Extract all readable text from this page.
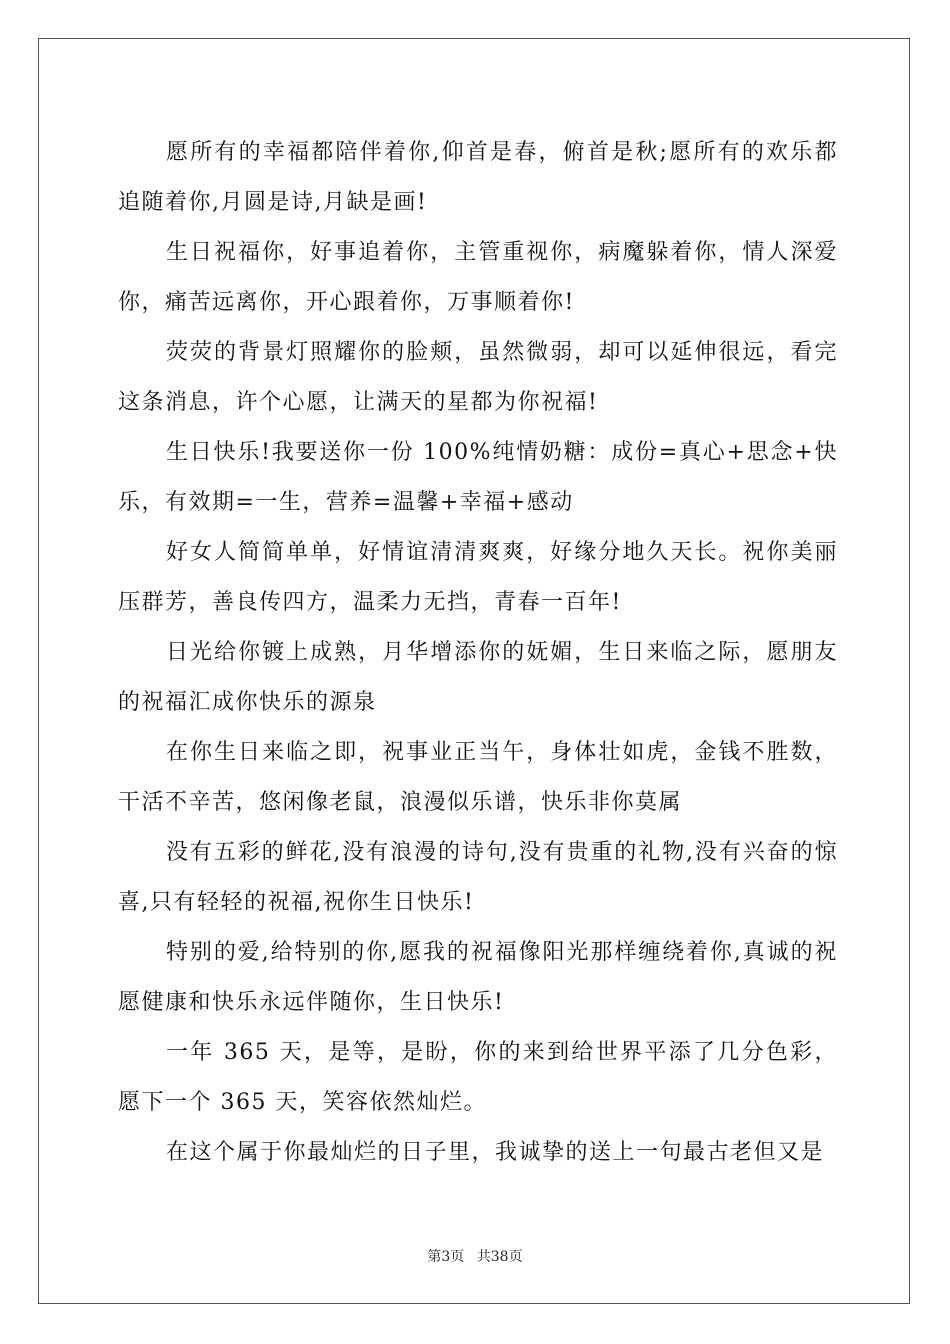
愿所有的幸福都陪伴着你,仰首是春，俯首是秋;愿所有的欢乐都追随着你,月圆是诗,月缺是画!

生日祝福你，好事追着你，主管重视你，病魔躲着你，情人深爱你，痛苦远离你，开心跟着你，万事顺着你!

荧荧的背景灯照耀你的脸颊，虽然微弱，却可以延伸很远，看完这条消息，许个心愿，让满天的星都为你祝福!

生日快乐!我要送你一份 100%纯情奶糖：成份=真心+思念+快乐，有效期=一生，营养=温馨+幸福+感动

好女人简简单单，好情谊清清爽爽，好缘分地久天长。祝你美丽压群芳，善良传四方，温柔力无挡，青春一百年!

日光给你镀上成熟，月华增添你的妩媚，生日来临之际，愿朋友的祝福汇成你快乐的源泉

在你生日来临之即，祝事业正当午，身体壮如虎，金钱不胜数，干活不辛苦，悠闲像老鼠，浪漫似乐谱，快乐非你莫属

没有五彩的鲜花,没有浪漫的诗句,没有贵重的礼物,没有兴奋的惊喜,只有轻轻的祝福,祝你生日快乐!

特别的爱,给特别的你,愿我的祝福像阳光那样缠绕着你,真诚的祝愿健康和快乐永远伴随你，生日快乐!

一年 365 天，是等，是盼，你的来到给世界平添了几分色彩，愿下一个 365 天，笑容依然灿烂。

在这个属于你最灿烂的日子里，我诚挚的送上一句最古老但又是

第3页 共38页
